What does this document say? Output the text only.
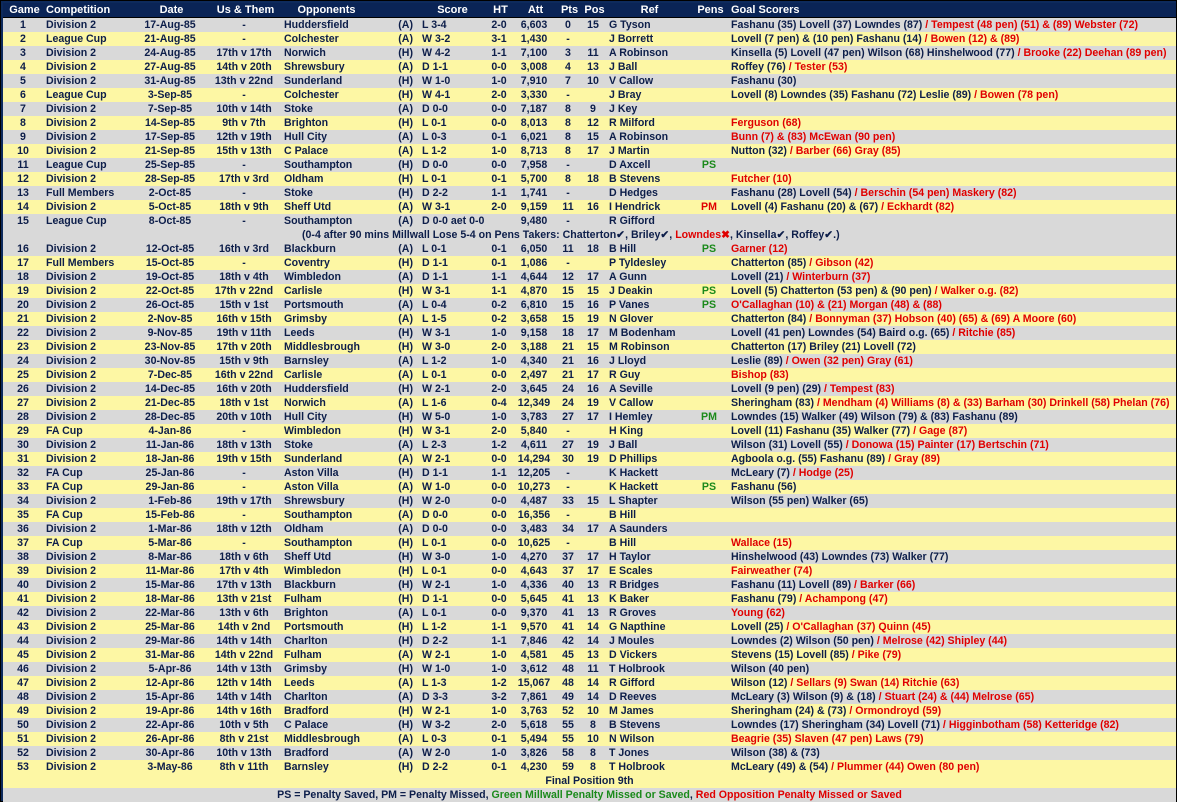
Game	Competition	Date	Us & Them	Opponents		Score	HT	Att	Pts	Pos	Ref	Pens	Goal Scorers
1	Division 2	17-Aug-85	-	Huddersfield	(A)	L 3-4	2-0	6,603	0	15	G Tyson		Fashanu (35) Lovell (37) Lowndes (87) / Tempest (48 pen) (51) & (89) Webster (72)
2	League Cup	21-Aug-85	-	Colchester	(A)	W 3-2	3-1	1,430	-		J Borrett		Lovell (7 pen) & (10 pen) Fashanu (14) / Bowen (12) & (89)
3	Division 2	24-Aug-85	17th v 17th	Norwich	(H)	W 4-2	1-1	7,100	3	11	A Robinson		Kinsella (5) Lovell (47 pen) Wilson (68) Hinshelwood (77) / Brooke (22) Deehan (89 pen)
4	Division 2	27-Aug-85	14th v 20th	Shrewsbury	(A)	D 1-1	0-0	3,008	4	13	J Ball		Roffey (76) / Tester (53)
5	Division 2	31-Aug-85	13th v 22nd	Sunderland	(H)	W 1-0	1-0	7,910	7	10	V Callow		Fashanu (30)
6	League Cup	3-Sep-85	-	Colchester	(H)	W 4-1	2-0	3,330	-		J Bray		Lovell (8) Lowndes (35) Fashanu (72) Leslie (89) / Bowen (78 pen)
7	Division 2	7-Sep-85	10th v 14th	Stoke	(A)	D 0-0	0-0	7,187	8	9	J Key		
8	Division 2	14-Sep-85	9th v 7th	Brighton	(H)	L 0-1	0-0	8,013	8	12	R Milford		Ferguson (68)
9	Division 2	17-Sep-85	12th v 19th	Hull City	(A)	L 0-3	0-1	6,021	8	15	A Robinson		Bunn (7) & (83) McEwan (90 pen)
10	Division 2	21-Sep-85	15th v 13th	C Palace	(A)	L 1-2	1-0	8,713	8	17	J Martin		Nutton (32) / Barber (66) Gray (85)
11	League Cup	25-Sep-85	-	Southampton	(H)	D 0-0	0-0	7,958	-		D Axcell	PS	
12	Division 2	28-Sep-85	17th v 3rd	Oldham	(H)	L 0-1	0-1	5,700	8	18	B Stevens		Futcher (10)
13	Full Members	2-Oct-85	-	Stoke	(H)	D 2-2	1-1	1,741	-		D Hedges		Fashanu (28) Lovell (54) / Berschin (54 pen) Maskery (82)
14	Division 2	5-Oct-85	18th v 9th	Sheff Utd	(A)	W 3-1	2-0	9,159	11	16	I Hendrick	PM	Lovell (4) Fashanu (20) & (67) / Eckhardt (82)
15	League Cup	8-Oct-85	-	Southampton	(A)	D 0-0 aet 0-0		9,480	-		R Gifford		
				(0-4 after 90 mins Millwall Lose 5-4 on Pens Takers: Chatterton✔, Briley✔, Lowndes✖, Kinsella✔, Roffey✔.)									
16	Division 2	12-Oct-85	16th v 3rd	Blackburn	(A)	L 0-1	0-1	6,050	11	18	B Hill	PS	Garner (12)
17	Full Members	15-Oct-85	-	Coventry	(H)	D 1-1	0-1	1,086	-		P Tyldesley		Chatterton (85) / Gibson (42)
18	Division 2	19-Oct-85	18th v 4th	Wimbledon	(A)	D 1-1	1-1	4,644	12	17	A Gunn		Lovell (21) / Winterburn (37)
19	Division 2	22-Oct-85	17th v 22nd	Carlisle	(H)	W 3-1	1-1	4,870	15	15	J Deakin	PS	Lovell (5) Chatterton (53 pen) & (90 pen) / Walker o.g. (82)
20	Division 2	26-Oct-85	15th v 1st	Portsmouth	(A)	L 0-4	0-2	6,810	15	16	P Vanes	PS	O'Callaghan (10) & (21) Morgan (48) & (88)
21	Division 2	2-Nov-85	16th v 15th	Grimsby	(A)	L 1-5	0-2	3,658	15	19	N Glover		Chatterton (84) / Bonnyman (37) Hobson (40) (65) & (69) A Moore (60)
22	Division 2	9-Nov-85	19th v 11th	Leeds	(H)	W 3-1	1-0	9,158	18	17	M Bodenham		Lovell (41 pen) Lowndes (54) Baird o.g. (65) / Ritchie (85)
23	Division 2	23-Nov-85	17th v 20th	Middlesbrough	(H)	W 3-0	2-0	3,188	21	15	M Robinson		Chatterton (17) Briley (21) Lovell (72)
24	Division 2	30-Nov-85	15th v 9th	Barnsley	(A)	L 1-2	1-0	4,340	21	16	J Lloyd		Leslie (89) / Owen (32 pen) Gray (61)
25	Division 2	7-Dec-85	16th v 22nd	Carlisle	(A)	L 0-1	0-0	2,497	21	17	R Guy		Bishop (83)
26	Division 2	14-Dec-85	16th v 20th	Huddersfield	(H)	W 2-1	2-0	3,645	24	16	A Seville		Lovell (9 pen) (29) / Tempest (83)
27	Division 2	21-Dec-85	18th v 1st	Norwich	(A)	L 1-6	0-4	12,349	24	19	V Callow		Sheringham (83) / Mendham (4) Williams (8) & (33) Barham (30) Drinkell (58) Phelan (76)
28	Division 2	28-Dec-85	20th v 10th	Hull City	(H)	W 5-0	1-0	3,783	27	17	I Hemley	PM	Lowndes (15) Walker (49) Wilson (79) & (83) Fashanu (89)
29	FA Cup	4-Jan-86	-	Wimbledon	(H)	W 3-1	2-0	5,840	-		H King		Lovell (11) Fashanu (35) Walker (77) / Gage (87)
30	Division 2	11-Jan-86	18th v 13th	Stoke	(A)	L 2-3	1-2	4,611	27	19	J Ball		Wilson (31) Lovell (55) / Donowa (15) Painter (17) Bertschin (71)
31	Division 2	18-Jan-86	19th v 15th	Sunderland	(A)	W 2-1	0-0	14,294	30	19	D Phillips		Agboola o.g. (55) Fashanu (89) / Gray (89)
32	FA Cup	25-Jan-86	-	Aston Villa	(H)	D 1-1	1-1	12,205	-		K Hackett		McLeary (7) / Hodge (25)
33	FA Cup	29-Jan-86	-	Aston Villa	(A)	W 1-0	0-0	10,273	-		K Hackett	PS	Fashanu (56)
34	Division 2	1-Feb-86	19th v 17th	Shrewsbury	(H)	W 2-0	0-0	4,487	33	15	L Shapter		Wilson (55 pen) Walker (65)
35	FA Cup	15-Feb-86	-	Southampton	(A)	D 0-0	0-0	16,356	-		B Hill		
36	Division 2	1-Mar-86	18th v 12th	Oldham	(A)	D 0-0	0-0	3,483	34	17	A Saunders		
37	FA Cup	5-Mar-86	-	Southampton	(H)	L 0-1	0-0	10,625	-		B Hill		Wallace (15)
38	Division 2	8-Mar-86	18th v 6th	Sheff Utd	(H)	W 3-0	1-0	4,270	37	17	H Taylor		Hinshelwood (43) Lowndes (73) Walker (77)
39	Division 2	11-Mar-86	17th v 4th	Wimbledon	(H)	L 0-1	0-0	4,643	37	17	E Scales		Fairweather (74)
40	Division 2	15-Mar-86	17th v 13th	Blackburn	(H)	W 2-1	1-0	4,336	40	13	R Bridges		Fashanu (11) Lovell (89) / Barker (66)
41	Division 2	18-Mar-86	13th v 21st	Fulham	(H)	D 1-1	0-0	5,645	41	13	K Baker		Fashanu (79) / Achampong (47)
42	Division 2	22-Mar-86	13th v 6th	Brighton	(A)	L 0-1	0-0	9,370	41	13	R Groves		Young (62)
43	Division 2	25-Mar-86	14th v 2nd	Portsmouth	(H)	L 1-2	1-1	9,570	41	14	G Napthine		Lovell (25) / O'Callaghan (37) Quinn (45)
44	Division 2	29-Mar-86	14th v 14th	Charlton	(H)	D 2-2	1-1	7,846	42	14	J Moules		Lowndes (2) Wilson (50 pen) / Melrose (42) Shipley (44)
45	Division 2	31-Mar-86	14th v 22nd	Fulham	(A)	W 2-1	1-0	4,581	45	13	D Vickers		Stevens (15) Lovell (85) / Pike (79)
46	Division 2	5-Apr-86	14th v 13th	Grimsby	(H)	W 1-0	1-0	3,612	48	11	T Holbrook		Wilson (40 pen)
47	Division 2	12-Apr-86	12th v 14th	Leeds	(A)	L 1-3	1-2	15,067	48	14	R Gifford		Wilson (12) / Sellars (9) Swan (14) Ritchie (63)
48	Division 2	15-Apr-86	14th v 14th	Charlton	(A)	D 3-3	3-2	7,861	49	14	D Reeves		McLeary (3) Wilson (9) & (18) / Stuart (24) & (44) Melrose (65)
49	Division 2	19-Apr-86	14th v 16th	Bradford	(H)	W 2-1	1-0	3,763	52	10	M James		Sheringham (24) & (73) / Ormondroyd (59)
50	Division 2	22-Apr-86	10th v 5th	C Palace	(H)	W 3-2	2-0	5,618	55	8	B Stevens		Lowndes (17) Sheringham (34) Lovell (71) / Higginbotham (58) Ketteridge (82)
51	Division 2	26-Apr-86	8th v 21st	Middlesbrough	(A)	L 0-3	0-1	5,494	55	10	N Wilson		Beagrie (35) Slaven (47 pen) Laws (79)
52	Division 2	30-Apr-86	10th v 13th	Bradford	(A)	W 2-0	1-0	3,826	58	8	T Jones		Wilson (38) & (73)
53	Division 2	3-May-86	8th v 11th	Barnsley	(H)	D 2-2	0-1	4,230	59	8	T Holbrook		McLeary (49) & (54) / Plummer (44) Owen (80 pen)
Final Position 9th													
PS = Penalty Saved, PM = Penalty Missed, Green Millwall Penalty Missed or Saved, Red Opposition Penalty Missed or Saved													
